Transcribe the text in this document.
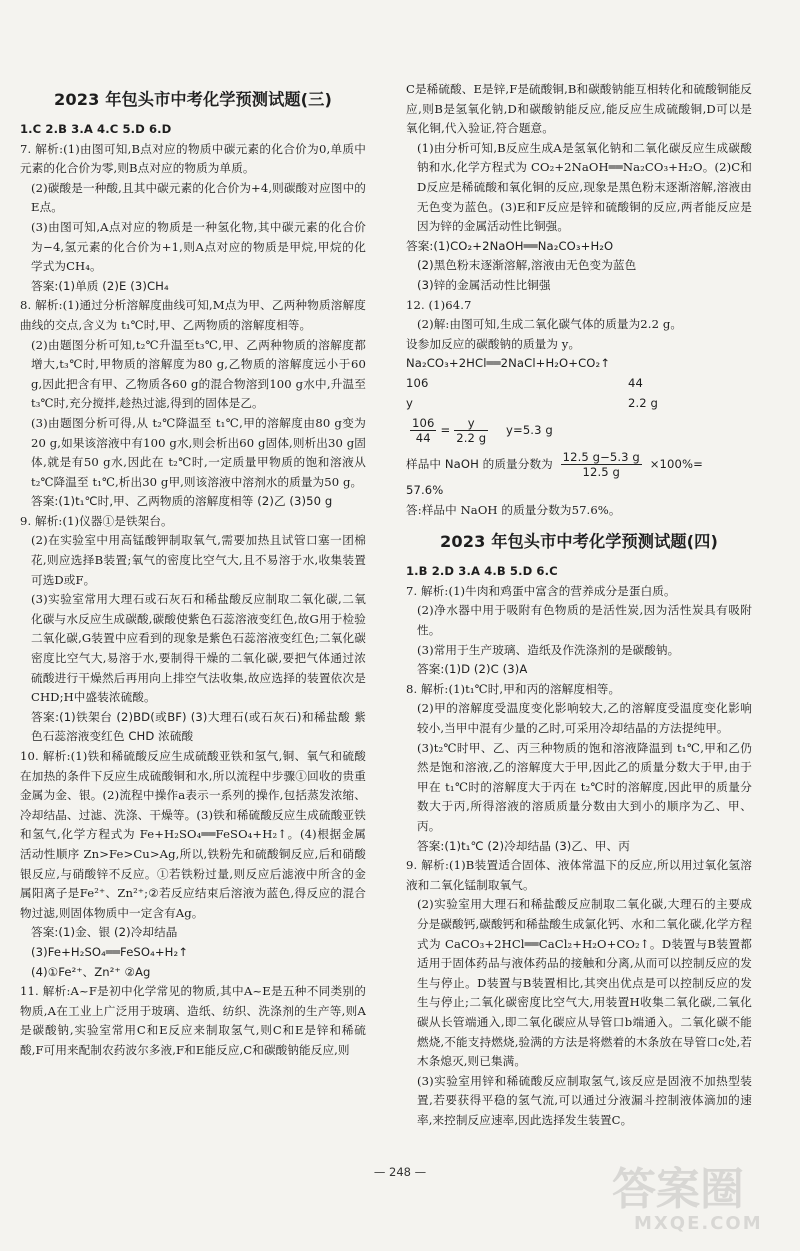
2023 年包头市中考化学预测试题(三)

1.C 2.B 3.A 4.C 5.D 6.D

7. 解析:(1)由图可知,B点对应的物质中碳元素的化合价为0,单质中元素的化合价为零,则B点对应的物质为单质。

(2)碳酸是一种酸,且其中碳元素的化合价为+4,则碳酸对应图中的E点。

(3)由图可知,A点对应的物质是一种氢化物,其中碳元素的化合价为−4,氢元素的化合价为+1,则A点对应的物质是甲烷,甲烷的化学式为CH₄。

答案:(1)单质 (2)E (3)CH₄

8. 解析:(1)通过分析溶解度曲线可知,M点为甲、乙两种物质溶解度曲线的交点,含义为 t₁℃时,甲、乙两物质的溶解度相等。

(2)由题图分析可知,t₂℃升温至t₃℃,甲、乙两种物质的溶解度都增大,t₃℃时,甲物质的溶解度为80 g,乙物质的溶解度远小于60 g,因此把含有甲、乙物质各60 g的混合物溶到100 g水中,升温至 t₃℃时,充分搅拌,趁热过滤,得到的固体是乙。

(3)由题图分析可得,从 t₂℃降温至 t₁℃,甲的溶解度由80 g变为20 g,如果该溶液中有100 g水,则会析出60 g固体,则析出30 g固体,就是有50 g水,因此在 t₂℃时,一定质量甲物质的饱和溶液从 t₂℃降温至 t₁℃,析出30 g甲,则该溶液中溶剂水的质量为50 g。

答案:(1)t₁℃时,甲、乙两物质的溶解度相等 (2)乙 (3)50 g

9. 解析:(1)仪器①是铁架台。

(2)在实验室中用高锰酸钾制取氧气,需要加热且试管口塞一团棉花,则应选择B装置;氧气的密度比空气大,且不易溶于水,收集装置可选D或F。

(3)实验室常用大理石或石灰石和稀盐酸反应制取二氧化碳,二氧化碳与水反应生成碳酸,碳酸使紫色石蕊溶液变红色,故G用于检验二氧化碳,G装置中应看到的现象是紫色石蕊溶液变红色;二氧化碳密度比空气大,易溶于水,要制得干燥的二氧化碳,要把气体通过浓硫酸进行干燥然后再用向上排空气法收集,故应选择的装置依次是CHD;H中盛装浓硫酸。

答案:(1)铁架台 (2)BD(或BF) (3)大理石(或石灰石)和稀盐酸 紫色石蕊溶液变红色 CHD 浓硫酸

10. 解析:(1)铁和稀硫酸反应生成硫酸亚铁和氢气,铜、氧气和硫酸在加热的条件下反应生成硫酸铜和水,所以流程中步骤①回收的贵重金属为金、银。(2)流程中操作a表示一系列的操作,包括蒸发浓缩、冷却结晶、过滤、洗涤、干燥等。(3)铁和稀硫酸反应生成硫酸亚铁和氢气,化学方程式为 Fe+H₂SO₄══FeSO₄+H₂↑。(4)根据金属活动性顺序 Zn>Fe>Cu>Ag,所以,铁粉先和硫酸铜反应,后和硝酸银反应,与硝酸锌不反应。①若铁粉过量,则反应后滤液中所含的金属阳离子是Fe²⁺、Zn²⁺;②若反应结束后溶液为蓝色,得反应的混合物过滤,则固体物质中一定含有Ag。

答案:(1)金、银 (2)冷却结晶

(3)Fe+H₂SO₄══FeSO₄+H₂↑

(4)①Fe²⁺、Zn²⁺ ②Ag

11. 解析:A~F是初中化学常见的物质,其中A~E是五种不同类别的物质,A在工业上广泛用于玻璃、造纸、纺织、洗涤剂的生产等,则A是碳酸钠,实验室常用C和E反应来制取氢气,则C和E是锌和稀硫酸,F可用来配制农药波尔多液,F和E能反应,C和碳酸钠能反应,则

C是稀硫酸、E是锌,F是硫酸铜,B和碳酸钠能互相转化和硫酸铜能反应,则B是氢氧化钠,D和碳酸钠能反应,能反应生成硫酸铜,D可以是氧化铜,代入验证,符合题意。

(1)由分析可知,B反应生成A是氢氧化钠和二氧化碳反应生成碳酸钠和水,化学方程式为 CO₂+2NaOH══Na₂CO₃+H₂O。(2)C和D反应是稀硫酸和氧化铜的反应,现象是黑色粉末逐渐溶解,溶液由无色变为蓝色。(3)E和F反应是锌和硫酸铜的反应,两者能反应是因为锌的金属活动性比铜强。

答案:(1)CO₂+2NaOH══Na₂CO₃+H₂O

(2)黑色粉末逐渐溶解,溶液由无色变为蓝色

(3)锌的金属活动性比铜强

12. (1)64.7

(2)解:由图可知,生成二氧化碳气体的质量为2.2 g。

设参加反应的碳酸钠的质量为 y。

Na₂CO₃+2HCl══2NaCl+H₂O+CO₂↑

106	44
y	2.2 g

$\frac{106}{44} = \frac{y}{2.2 g} y=5.3$ g

样品中 NaOH 的质量分数为 $\frac{12.5 g-5.3 g}{12.5 g} \times 100\%=$

57.6%

答:样品中 NaOH 的质量分数为57.6%。

2023 年包头市中考化学预测试题(四)

1.B 2.D 3.A 4.B 5.D 6.C

7. 解析:(1)牛肉和鸡蛋中富含的营养成分是蛋白质。

(2)净水器中用于吸附有色物质的是活性炭,因为活性炭具有吸附性。

(3)常用于生产玻璃、造纸及作洗涤剂的是碳酸钠。

答案:(1)D (2)C (3)A

8. 解析:(1)t₁℃时,甲和丙的溶解度相等。

(2)甲的溶解度受温度变化影响较大,乙的溶解度受温度变化影响较小,当甲中混有少量的乙时,可采用冷却结晶的方法提纯甲。

(3)t₂℃时甲、乙、丙三种物质的饱和溶液降温到 t₁℃,甲和乙仍然是饱和溶液,乙的溶解度大于甲,因此乙的质量分数大于甲,由于甲在 t₁℃时的溶解度大于丙在 t₂℃时的溶解度,因此甲的质量分数大于丙,所得溶液的溶质质量分数由大到小的顺序为乙、甲、丙。

答案:(1)t₁℃ (2)冷却结晶 (3)乙、甲、丙

9. 解析:(1)B装置适合固体、液体常温下的反应,所以用过氧化氢溶液和二氧化锰制取氧气。

(2)实验室用大理石和稀盐酸反应制取二氧化碳,大理石的主要成分是碳酸钙,碳酸钙和稀盐酸生成氯化钙、水和二氧化碳,化学方程式为 CaCO₃+2HCl══CaCl₂+H₂O+CO₂↑。D装置与B装置都适用于固体药品与液体药品的接触和分离,从而可以控制反应的发生与停止。D装置与B装置相比,其突出优点是可以控制反应的发生与停止;二氧化碳密度比空气大,用装置H收集二氧化碳,二氧化碳从长管端通入,即二氧化碳应从导管口b端通入。二氧化碳不能燃烧,不能支持燃烧,验满的方法是将燃着的木条放在导管口c处,若木条熄灭,则已集满。

(3)实验室用锌和稀硫酸反应制取氢气,该反应是固液不加热型装置,若要获得平稳的氢气流,可以通过分液漏斗控制液体滴加的速率,来控制反应速率,因此选择发生装置C。

— 248 —	答案圈
MXQE.COM
